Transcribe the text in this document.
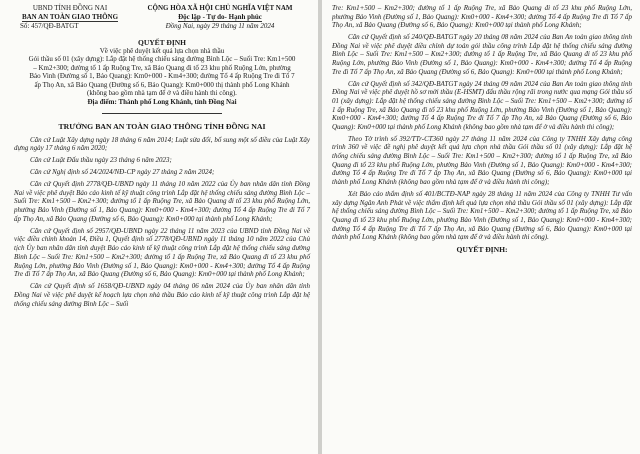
UBND TỈNH ĐỒNG NAI
BAN AN TOÀN GIAO THÔNG
Số: 457/QĐ-BATGT
CỘNG HÒA XÃ HỘI CHỦ NGHĨA VIỆT NAM
Độc lập - Tự do- Hạnh phúc
Đồng Nai, ngày 29 tháng 11 năm 2024
QUYẾT ĐỊNH
Về việc phê duyệt kết quả lựa chọn nhà thầu
Gói thầu số 01 (xây dựng): Lắp đặt hệ thống chiếu sáng đường Bình Lộc – Suối Tre: Km1+500 – Km2+300; đường tổ 1 ấp Ruộng Tre, xã Bảo Quang đi tổ 23 khu phố Ruộng Lớn, phường Bảo Vinh (Đường số 1, Bảo Quang): Km0+000 - Km4+300; đường Tổ 4 ấp Ruộng Tre đi Tổ 7 ấp Thọ An, xã Bảo Quang (Đường số 6, Bảo Quang): Km0+000 thị thành phố Long Khánh (không bao gồm nhà tạm để ở và điều hành thi công).
Địa điểm: Thành phố Long Khánh, tỉnh Đồng Nai
TRƯỞNG BAN AN TOÀN GIAO THÔNG TỈNH ĐỒNG NAI

Căn cứ Luật Xây dựng ngày 18 tháng 6 năm 2014; Luật sửa đổi, bổ sung một số điều của Luật Xây dựng ngày 17 tháng 6 năm 2020;

Căn cứ Luật Đấu thầu ngày 23 tháng 6 năm 2023;

Căn cứ Nghị định số 24/2024/NĐ-CP ngày 27 tháng 2 năm 2024;

Căn cứ Quyết định 2778/QĐ-UBND ngày 11 tháng 10 năm 2022 của Ủy ban nhân dân tỉnh Đồng Nai về việc phê duyệt Báo cáo kinh tế kỹ thuật công trình Lắp đặt hệ thống chiếu sáng đường Bình Lộc – Suối Tre: Km1+500 – Km2+300; đường tổ 1 ấp Ruộng Tre, xã Bảo Quang đi tổ 23 khu phố Ruộng Lớn, phường Bảo Vinh (Đường số 1, Bảo Quang): Km0+000 - Km4+300; đường Tổ 4 ấp Ruộng Tre đi Tổ 7 ấp Thọ An, xã Bảo Quang (Đường số 6, Bảo Quang): Km0+000 tại thành phố Long Khánh;

Căn cứ Quyết định số 2957/QĐ-UBND ngày 22 tháng 11 năm 2023 của UBND tỉnh Đồng Nai về việc điều chỉnh khoản 14, Điều 1, Quyết định số 2778/QĐ-UBND ngày 11 tháng 10 năm 2022 của Chủ tịch Ủy ban nhân dân tỉnh duyệt Báo cáo kinh tế kỹ thuật công trình Lắp đặt hệ thống chiếu sáng đường Bình Lộc – Suối Tre: Km1+500 – Km2+300; đường tổ 1 ấp Ruộng Tre, xã Bảo Quang đi tổ 23 khu phố Ruộng Lớn, phường Bảo Vinh (Đường số 1, Bảo Quang): Km0+000 - Km4+300; đường Tổ 4 ấp Ruộng Tre đi Tổ 7 ấp Thọ An, xã Bảo Quang (Đường số 6, Bảo Quang): Km0+000 tại thành phố Long Khánh;

Căn cứ Quyết định số 1658/QĐ-UBND ngày 04 tháng 06 năm 2024 của Ủy ban nhân dân tỉnh Đồng Nai về việc phê duyệt kế hoạch lựa chọn nhà thầu Báo cáo kinh tế kỹ thuật công trình Lắp đặt hệ thống chiếu sáng đường Bình Lộc – Suối

Tre: Km1+500 – Km2+300; đường tổ 1 ấp Ruộng Tre, xã Bảo Quang đi tổ 23 khu phố Ruộng Lớn, phường Bảo Vinh (Đường số 1, Bảo Quang): Km0+000 - Km4+300; đường Tổ 4 ấp Ruộng Tre đi Tổ 7 ấp Thọ An, xã Bảo Quang (Đường số 6, Bảo Quang): Km0+000 tại thành phố Long Khánh;

Căn cứ Quyết định số 240/QĐ-BATGT ngày 20 tháng 08 năm 2024 của Ban An toàn giao thông tỉnh Đồng Nai về việc phê duyệt điều chỉnh dự toán gói thầu công trình Lắp đặt hệ thống chiếu sáng đường Bình Lộc – Suối Tre: Km1+500 – Km2+300; đường tổ 1 ấp Ruộng Tre, xã Bảo Quang đi tổ 23 khu phố Ruộng Lớn, phường Bảo Vinh (Đường số 1, Bảo Quang): Km0+000 - Km4+300; đường Tổ 4 ấp Ruộng Tre đi Tổ 7 ấp Thọ An, xã Bảo Quang (Đường số 6, Bảo Quang): Km0+000 tại thành phố Long Khánh;

Căn cứ Quyết định số 342/QĐ-BATGT ngày 24 tháng 09 năm 2024 của Ban An toàn giao thông tỉnh Đồng Nai về việc phê duyệt hồ sơ mời thầu (E-HSMT) đấu thầu rộng rãi trong nước qua mạng Gói thầu số 01 (xây dựng): Lắp đặt hệ thống chiếu sáng đường Bình Lộc – Suối Tre: Km1+500 – Km2+300; đường tổ 1 ấp Ruộng Tre, xã Bảo Quang đi tổ 23 khu phố Ruộng Lớn, phường Bảo Vinh (Đường số 1, Bảo Quang): Km0+000 - Km4+300; đường Tổ 4 ấp Ruộng Tre đi Tổ 7 ấp Thọ An, xã Bảo Quang (Đường số 6, Bảo Quang): Km0+000 tại thành phố Long Khánh (không bao gồm nhà tạm để ở và điều hành thi công);

Theo Tờ trình số 392/TTr-CT360 ngày 27 tháng 11 năm 2024 của Công ty TNHH Xây dựng công trình 360 về việc đề nghị phê duyệt kết quả lựa chọn nhà thầu Gói thầu số 01 (xây dựng): Lắp đặt hệ thống chiếu sáng đường Bình Lộc – Suối Tre: Km1+500 – Km2+300; đường tổ 1 ấp Ruộng Tre, xã Bảo Quang đi tổ 23 khu phố Ruộng Lớn, phường Bảo Vinh (Đường số 1, Bảo Quang): Km0+000 - Km4+300; đường Tổ 4 ấp Ruộng Tre đi Tổ 7 ấp Thọ An, xã Bảo Quang (Đường số 6, Bảo Quang): Km0+000 tại thành phố Long Khánh (không bao gồm nhà tạm để ở và điều hành thi công);

Xét Báo cáo thẩm định số 401/BCTĐ-NAP ngày 28 tháng 11 năm 2024 của Công ty TNHH Tư vấn xây dựng Ngân Anh Phát về việc thẩm định kết quả lựa chọn nhà thầu Gói thầu số 01 (xây dựng): Lắp đặt hệ thống chiếu sáng đường Bình Lộc – Suối Tre: Km1+500 – Km2+300; đường tổ 1 ấp Ruộng Tre, xã Bảo Quang đi tổ 23 khu phố Ruộng Lớn, phường Bảo Vinh (Đường số 1, Bảo Quang): Km0+000 - Km4+300; đường Tổ 4 ấp Ruộng Tre đi Tổ 7 ấp Thọ An, xã Bảo Quang (Đường số 6, Bảo Quang): Km0+000 tại thành phố Long Khánh (không bao gồm nhà tạm để ở và điều hành thi công).

QUYẾT ĐỊNH:
